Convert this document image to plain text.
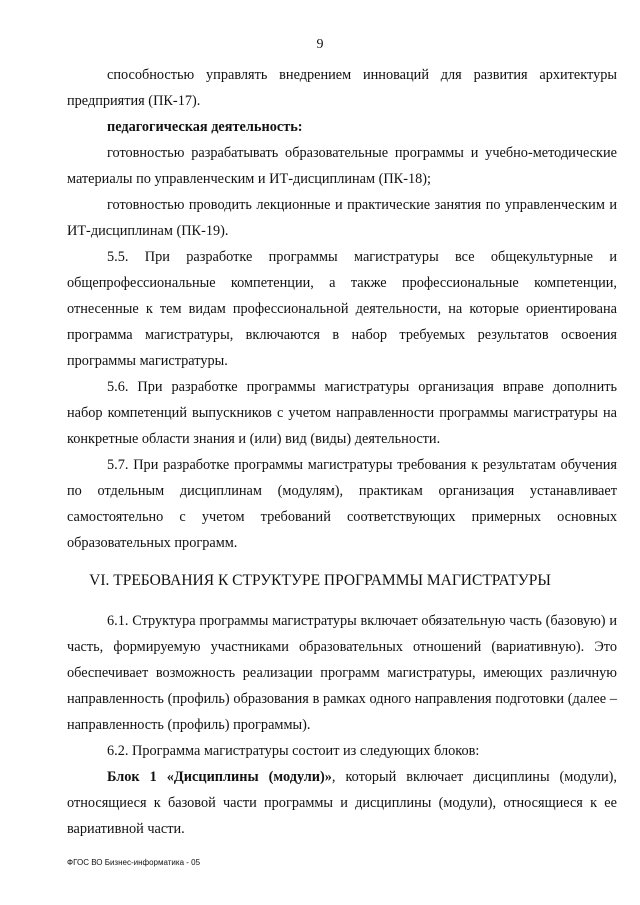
9
способностью управлять внедрением инноваций для развития архитектуры предприятия (ПК-17).
педагогическая деятельность:
готовностью разрабатывать образовательные программы и учебно-методические материалы по управленческим и ИТ-дисциплинам (ПК-18);
готовностью проводить лекционные и практические занятия по управленческим и ИТ-дисциплинам (ПК-19).
5.5. При разработке программы магистратуры все общекультурные и общепрофессиональные компетенции, а также профессиональные компетенции, отнесенные к тем видам профессиональной деятельности, на которые ориентирована программа магистратуры, включаются в набор требуемых результатов освоения программы магистратуры.
5.6. При разработке программы магистратуры организация вправе дополнить набор компетенций выпускников с учетом направленности программы магистратуры на конкретные области знания и (или) вид (виды) деятельности.
5.7. При разработке программы магистратуры требования к результатам обучения по отдельным дисциплинам (модулям), практикам организация устанавливает самостоятельно с учетом требований соответствующих примерных основных образовательных программ.
VI. ТРЕБОВАНИЯ К СТРУКТУРЕ ПРОГРАММЫ МАГИСТРАТУРЫ
6.1. Структура программы магистратуры включает обязательную часть (базовую) и часть, формируемую участниками образовательных отношений (вариативную). Это обеспечивает возможность реализации программ магистратуры, имеющих различную направленность (профиль) образования в рамках одного направления подготовки (далее – направленность (профиль) программы).
6.2. Программа магистратуры состоит из следующих блоков:
Блок 1 «Дисциплины (модули)», который включает дисциплины (модули), относящиеся к базовой части программы и дисциплины (модули), относящиеся к ее вариативной части.
ФГОС ВО Бизнес-информатика - 05
